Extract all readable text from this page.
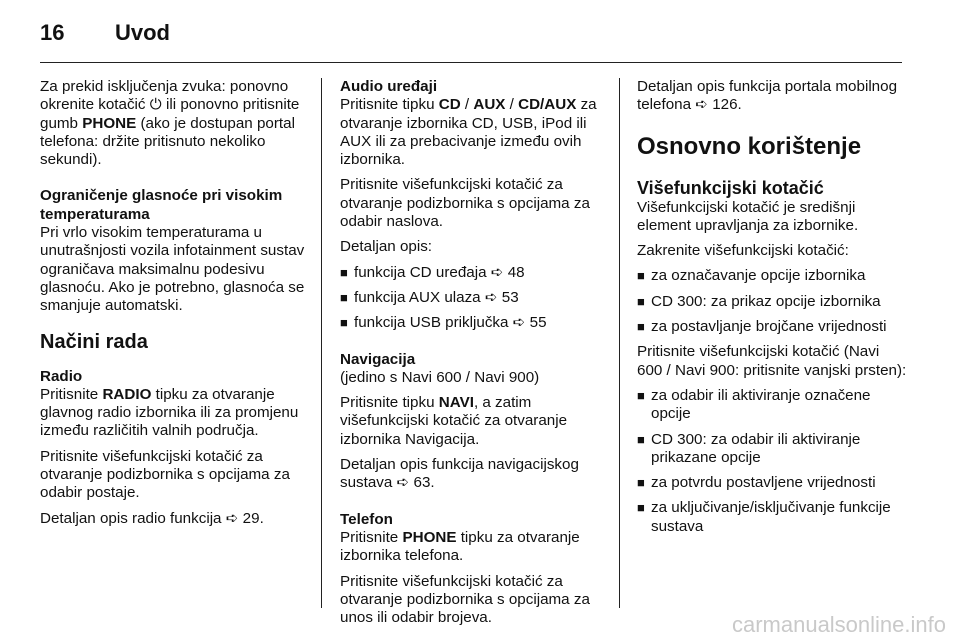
16	Uvod

Za prekid isključenja zvuka: ponovno okrenite kotačić ⏻ ili ponovno pritisnite gumb PHONE (ako je dostupan portal telefona: držite pritisnuto nekoliko sekundi).

Ograničenje glasnoće pri visokim temperaturama

Pri vrlo visokim temperaturama u unutrašnjosti vozila infotainment sustav ograničava maksimalnu podesivu glasnoću. Ako je potrebno, glasnoća se smanjuje automatski.

Načini rada

Radio

Pritisnite RADIO tipku za otvaranje glavnog radio izbornika ili za promjenu između različitih valnih područja.

Pritisnite višefunkcijski kotačić za otvaranje podizbornika s opcijama za odabir postaje.

Detaljan opis radio funkcija ➪ 29.

Audio uređaji

Pritisnite tipku CD / AUX / CD/AUX za otvaranje izbornika CD, USB, iPod ili AUX ili za prebacivanje između ovih izbornika.

Pritisnite višefunkcijski kotačić za otvaranje podizbornika s opcijama za odabir naslova.

Detaljan opis:

■ funkcija CD uređaja ➪ 48
■ funkcija AUX ulaza ➪ 53
■ funkcija USB priključka ➪ 55

Navigacija

(jedino s Navi 600 / Navi 900)

Pritisnite tipku NAVI, a zatim višefunkcijski kotačić za otvaranje izbornika Navigacija.

Detaljan opis funkcija navigacijskog sustava ➪ 63.

Telefon

Pritisnite PHONE tipku za otvaranje izbornika telefona.

Pritisnite višefunkcijski kotačić za otvaranje podizbornika s opcijama za unos ili odabir brojeva.

Detaljan opis funkcija portala mobilnog telefona ➪ 126.

Osnovno korištenje
Višefunkcijski kotačić

Višefunkcijski kotačić je središnji element upravljanja za izbornike.

Zakrenite višefunkcijski kotačić:

■ za označavanje opcije izbornika
■ CD 300: za prikaz opcije izbornika
■ za postavljanje brojčane vrijednosti

Pritisnite višefunkcijski kotačić (Navi 600 / Navi 900: pritisnite vanjski prsten):

■ za odabir ili aktiviranje označene opcije
■ CD 300: za odabir ili aktiviranje prikazane opcije
■ za potvrdu postavljene vrijednosti
■ za uključivanje/isključivanje funkcije sustava
carmanualsonline.info
